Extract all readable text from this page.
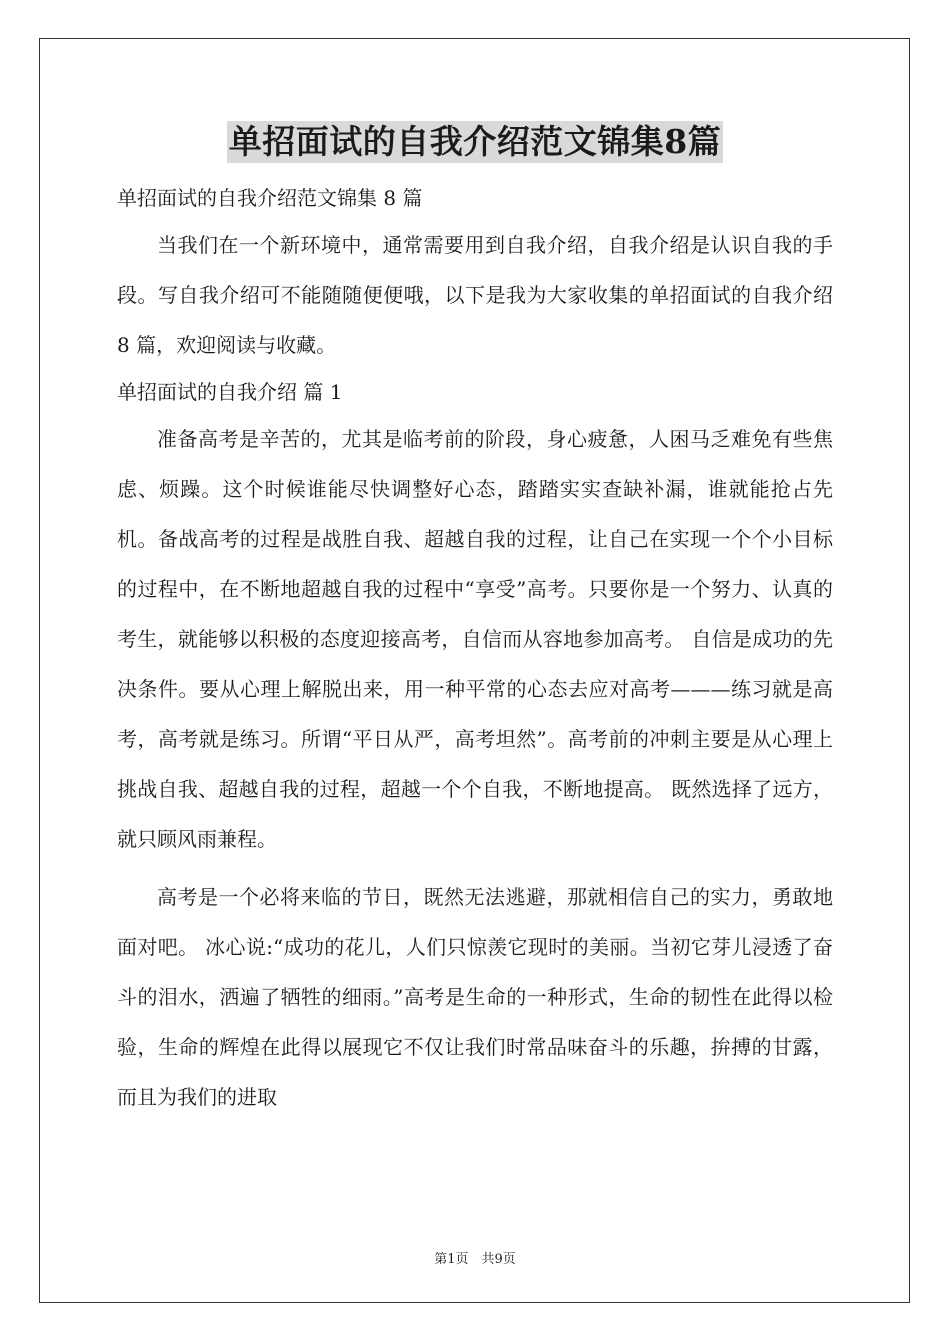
单招面试的自我介绍范文锦集8篇
单招面试的自我介绍范文锦集 8 篇

当我们在一个新环境中，通常需要用到自我介绍，自我介绍是认识自我的手段。写自我介绍可不能随随便便哦，以下是我为大家收集的单招面试的自我介绍 8 篇，欢迎阅读与收藏。

单招面试的自我介绍 篇 1

准备高考是辛苦的，尤其是临考前的阶段，身心疲惫，人困马乏难免有些焦虑、烦躁。这个时候谁能尽快调整好心态，踏踏实实查缺补漏，谁就能抢占先机。备战高考的过程是战胜自我、超越自我的过程，让自己在实现一个个小目标的过程中，在不断地超越自我的过程中“享受”高考。只要你是一个努力、认真的考生，就能够以积极的态度迎接高考，自信而从容地参加高考。 自信是成功的先决条件。要从心理上解脱出来，用一种平常的心态去应对高考———练习就是高考，高考就是练习。所谓“平日从严，高考坦然”。高考前的冲刺主要是从心理上挑战自我、超越自我的过程，超越一个个自我，不断地提高。 既然选择了远方，就只顾风雨兼程。

高考是一个必将来临的节日，既然无法逃避，那就相信自己的实力，勇敢地面对吧。 冰心说:“成功的花儿，人们只惊羡它现时的美丽。当初它芽儿浸透了奋斗的泪水，洒遍了牺牲的细雨。”高考是生命的一种形式，生命的韧性在此得以检验，生命的辉煌在此得以展现它不仅让我们时常品味奋斗的乐趣，拚搏的甘露，而且为我们的进取

第1页　共9页
